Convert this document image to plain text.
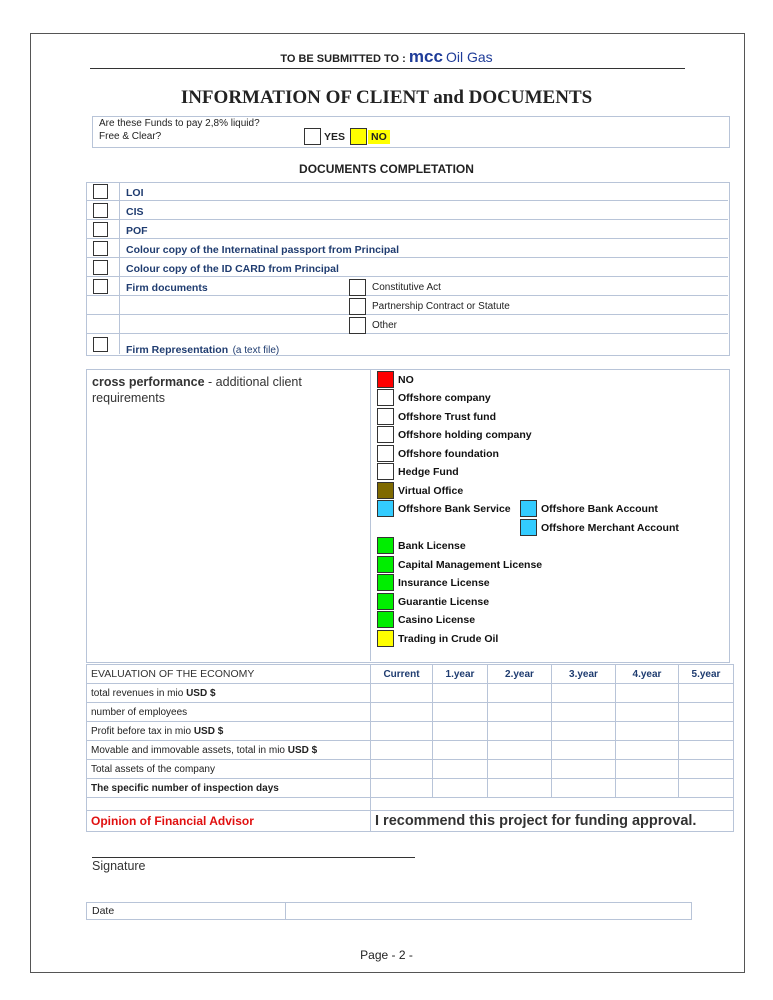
TO BE SUBMITTED TO : mcc Oil Gas
INFORMATION OF CLIENT and DOCUMENTS
Are these Funds to pay 2,8% liquid?
Free & Clear?	YES NO
DOCUMENTS COMPLETATION
LOI
CIS
POF
Colour copy of the Internatinal passport from Principal
Colour copy of the ID CARD from Principal
Firm documents	Constitutive Act
Partnership Contract or Statute
Other
Firm Representation (a text file)
cross performance - additional client requirements
NO
Offshore company
Offshore Trust fund
Offshore holding company
Offshore foundation
Hedge Fund
Virtual Office
Offshore Bank Service
Bank License
Capital Management License
Insurance License
Guarantie License
Casino License
Trading in Crude Oil
Offshore Bank Account
Offshore Merchant Account
EVALUATION OF THE ECONOMY	Current	1.year	2.year	3.year	4.year	5.year
total revenues in mio USD $						
number of employees						
Profit before tax in mio USD $						
Movable and immovable assets, total in mio USD $						
Total assets of the company						
The specific number of inspection days						

Opinion of Financial Advisor	I recommend this project for funding approval.					
Signature
Date
Page - 2 -
